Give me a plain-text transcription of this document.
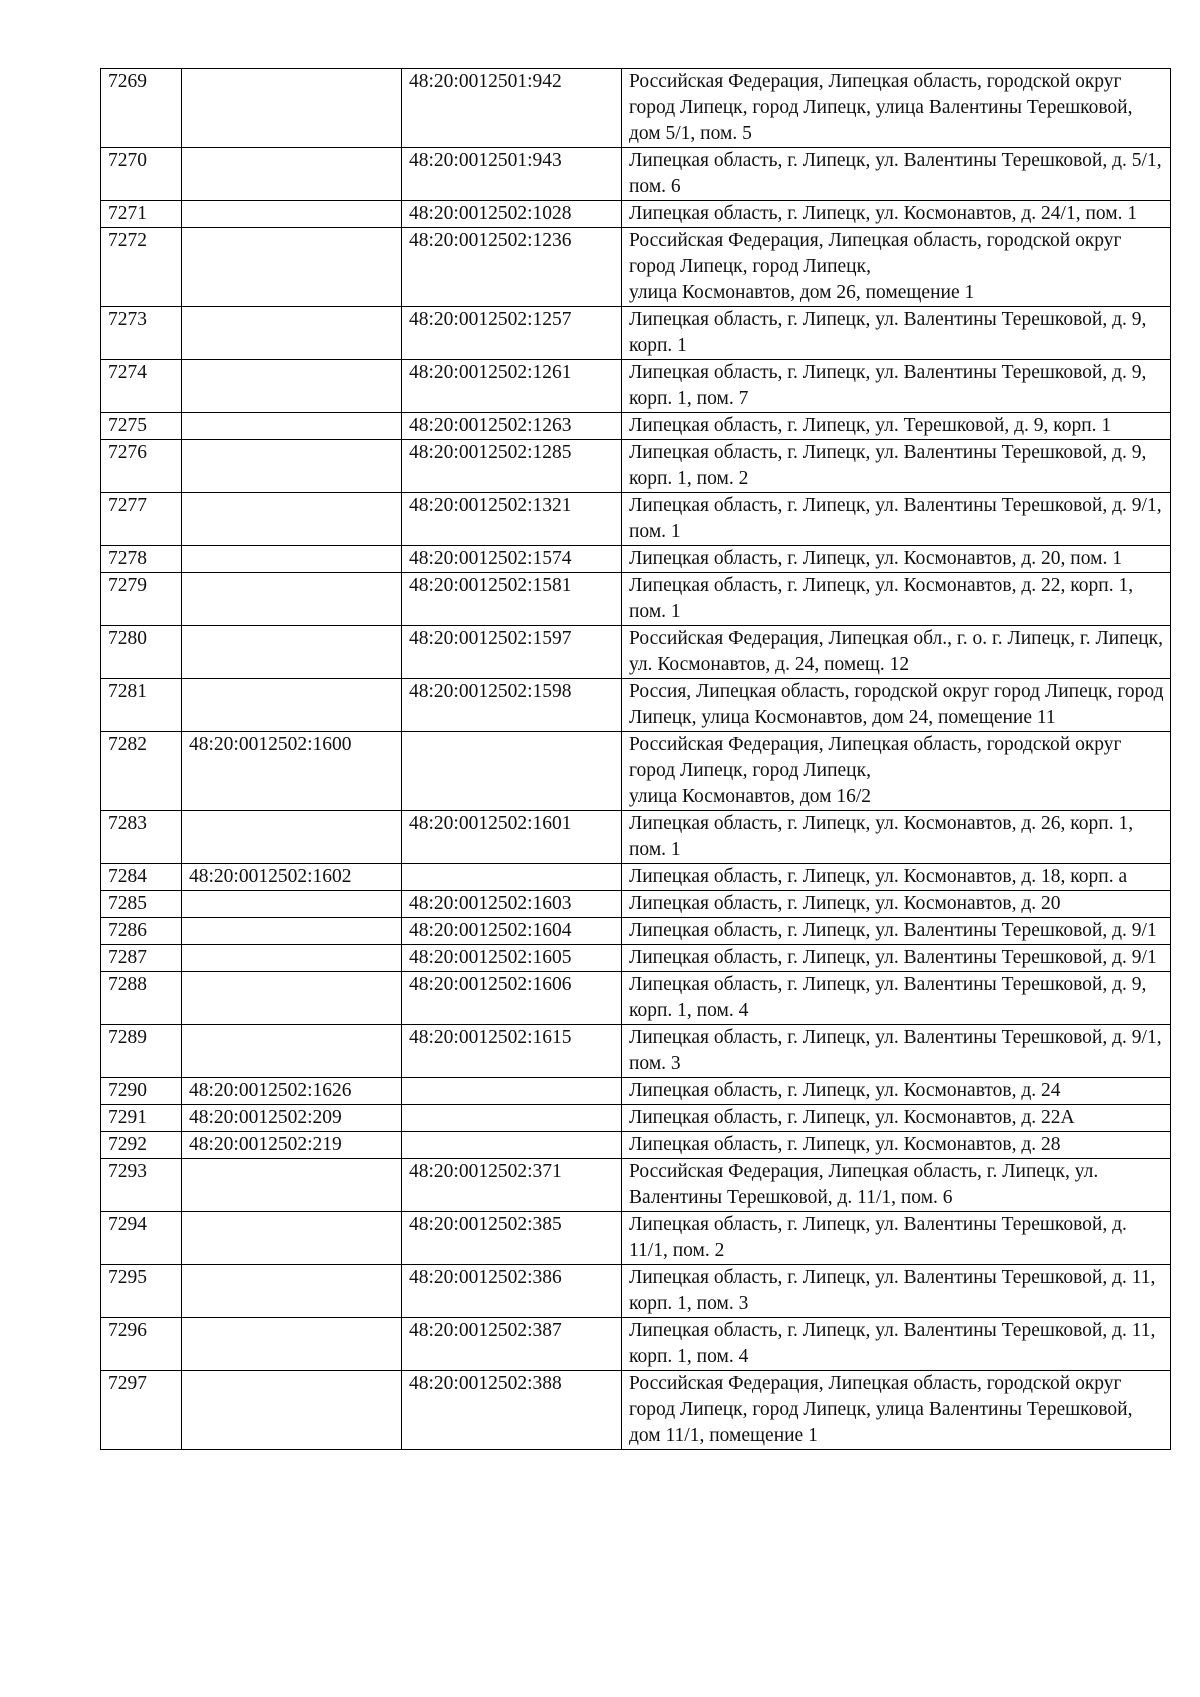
7269		48:20:0012501:942	Российская Федерация, Липецкая область, городской округ город Липецк, город Липецк, улица Валентины Терешковой, дом 5/1, пом. 5
7270		48:20:0012501:943	Липецкая область, г. Липецк, ул. Валентины Терешковой, д. 5/1, пом. 6
7271		48:20:0012502:1028	Липецкая область, г. Липецк, ул. Космонавтов, д. 24/1, пом. 1
7272		48:20:0012502:1236	Российская Федерация, Липецкая область, городской округ город Липецк, город Липецк,
улица Космонавтов, дом 26, помещение 1
7273		48:20:0012502:1257	Липецкая область, г. Липецк, ул. Валентины Терешковой, д. 9, корп. 1
7274		48:20:0012502:1261	Липецкая область, г. Липецк, ул. Валентины Терешковой, д. 9, корп. 1, пом. 7
7275		48:20:0012502:1263	Липецкая область, г. Липецк, ул. Терешковой, д. 9, корп. 1
7276		48:20:0012502:1285	Липецкая область, г. Липецк, ул. Валентины Терешковой, д. 9, корп. 1, пом. 2
7277		48:20:0012502:1321	Липецкая область, г. Липецк, ул. Валентины Терешковой, д. 9/1, пом. 1
7278		48:20:0012502:1574	Липецкая область, г. Липецк, ул. Космонавтов, д. 20, пом. 1
7279		48:20:0012502:1581	Липецкая область, г. Липецк, ул. Космонавтов, д. 22, корп. 1, пом. 1
7280		48:20:0012502:1597	Российская Федерация, Липецкая обл., г. о. г. Липецк, г. Липецк, ул. Космонавтов, д. 24, помещ. 12
7281		48:20:0012502:1598	Россия, Липецкая область, городской округ город Липецк, город Липецк, улица Космонавтов, дом 24, помещение 11
7282	48:20:0012502:1600		Российская Федерация, Липецкая область, городской округ город Липецк, город Липецк,
улица Космонавтов, дом 16/2
7283		48:20:0012502:1601	Липецкая область, г. Липецк, ул. Космонавтов, д. 26, корп. 1, пом. 1
7284	48:20:0012502:1602		Липецкая область, г. Липецк, ул. Космонавтов, д. 18, корп. а
7285		48:20:0012502:1603	Липецкая область, г. Липецк, ул. Космонавтов, д. 20
7286		48:20:0012502:1604	Липецкая область, г. Липецк, ул. Валентины Терешковой, д. 9/1
7287		48:20:0012502:1605	Липецкая область, г. Липецк, ул. Валентины Терешковой, д. 9/1
7288		48:20:0012502:1606	Липецкая область, г. Липецк, ул. Валентины Терешковой, д. 9, корп. 1, пом. 4
7289		48:20:0012502:1615	Липецкая область, г. Липецк, ул. Валентины Терешковой, д. 9/1, пом. 3
7290	48:20:0012502:1626		Липецкая область, г. Липецк, ул. Космонавтов, д. 24
7291	48:20:0012502:209		Липецкая область, г. Липецк, ул. Космонавтов, д. 22А
7292	48:20:0012502:219		Липецкая область, г. Липецк, ул. Космонавтов, д. 28
7293		48:20:0012502:371	Российская Федерация, Липецкая область, г. Липецк, ул. Валентины Терешковой, д. 11/1, пом. 6
7294		48:20:0012502:385	Липецкая область, г. Липецк, ул. Валентины Терешковой, д. 11/1, пом. 2
7295		48:20:0012502:386	Липецкая область, г. Липецк, ул. Валентины Терешковой, д. 11, корп. 1, пом. 3
7296		48:20:0012502:387	Липецкая область, г. Липецк, ул. Валентины Терешковой, д. 11, корп. 1, пом. 4
7297		48:20:0012502:388	Российская Федерация, Липецкая область, городской округ город Липецк, город Липецк, улица Валентины Терешковой, дом 11/1, помещение 1
